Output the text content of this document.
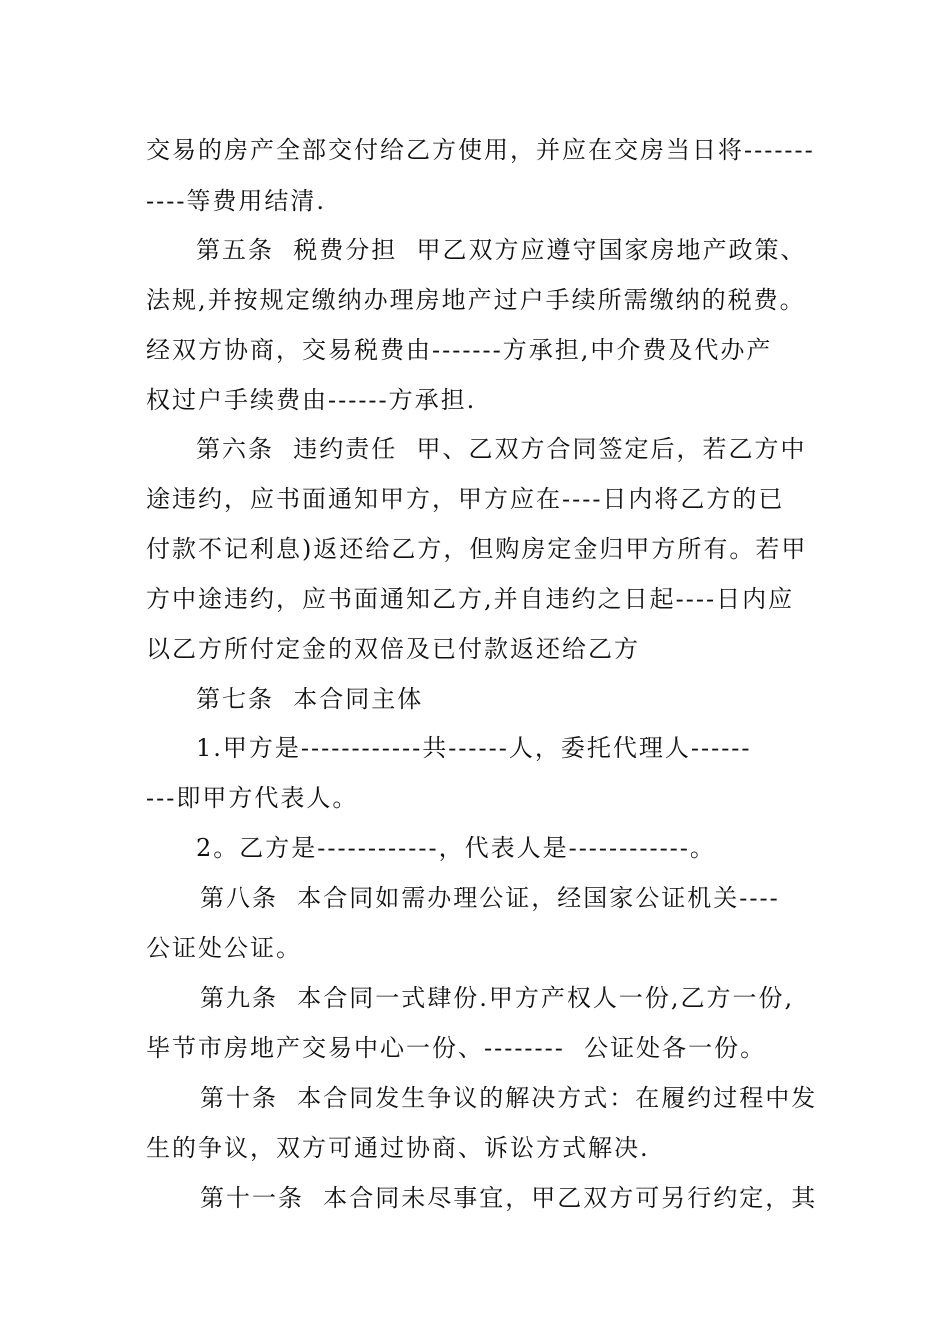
交易的房产全部交付给乙方使用，并应在交房当日将-------
----等费用结清.
第五条  税费分担  甲乙双方应遵守国家房地产政策、
法规,并按规定缴纳办理房地产过户手续所需缴纳的税费。
经双方协商，交易税费由-------方承担,中介费及代办产
权过户手续费由------方承担.
第六条  违约责任  甲、乙双方合同签定后，若乙方中
途违约，应书面通知甲方，甲方应在----日内将乙方的已
付款不记利息)返还给乙方，但购房定金归甲方所有。若甲
方中途违约，应书面通知乙方,并自违约之日起----日内应
以乙方所付定金的双倍及已付款返还给乙方
第七条  本合同主体
1.甲方是------------共------人，委托代理人------
---即甲方代表人。
2。乙方是------------，代表人是------------。
第八条  本合同如需办理公证，经国家公证机关----
公证处公证。
第九条  本合同一式肆份.甲方产权人一份,乙方一份,
毕节市房地产交易中心一份、--------  公证处各一份。
第十条  本合同发生争议的解决方式：在履约过程中发
生的争议，双方可通过协商、诉讼方式解决.
第十一条  本合同未尽事宜，甲乙双方可另行约定，其
